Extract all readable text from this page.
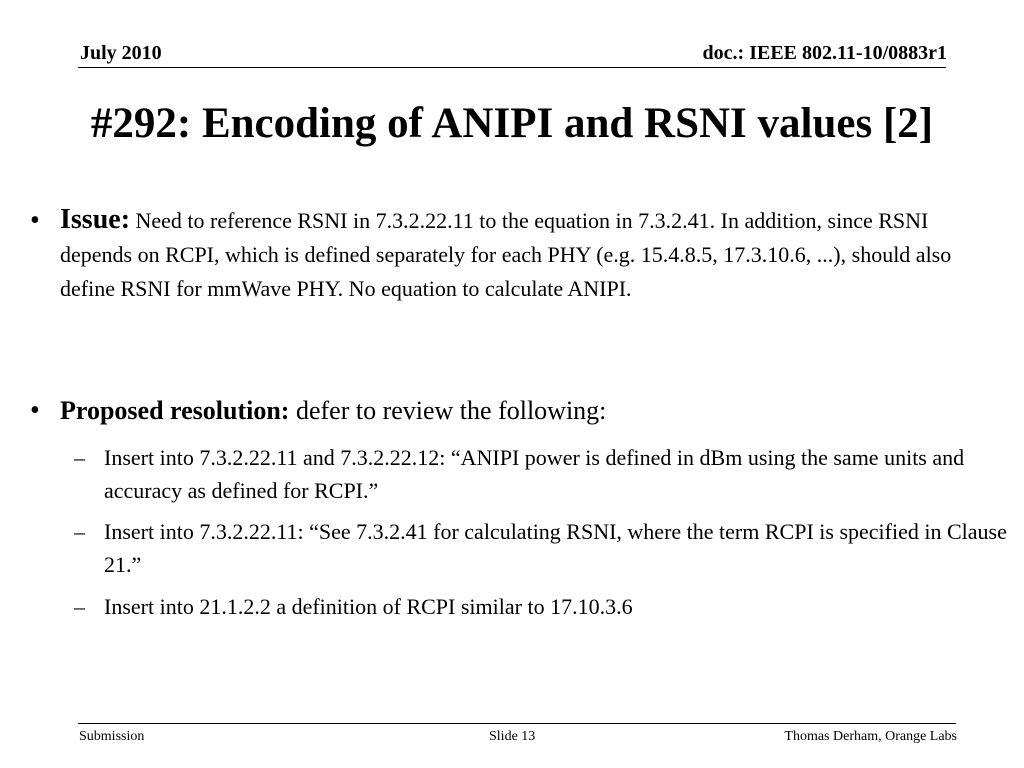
July 2010	doc.: IEEE 802.11-10/0883r1
#292: Encoding of ANIPI and RSNI values [2]
• Issue: Need to reference RSNI in 7.3.2.22.11 to the equation in 7.3.2.41. In addition, since RSNI depends on RCPI, which is defined separately for each PHY (e.g. 15.4.8.5, 17.3.10.6, ...), should also define RSNI for mmWave PHY. No equation to calculate ANIPI.
• Proposed resolution: defer to review the following:
– Insert into 7.3.2.22.11 and 7.3.2.22.12: “ANIPI power is defined in dBm using the same units and accuracy as defined for RCPI.”
– Insert into 7.3.2.22.11: “See 7.3.2.41 for calculating RSNI, where the term RCPI is specified in Clause 21.”
– Insert into 21.1.2.2 a definition of RCPI similar to 17.10.3.6
Submission	Slide 13	Thomas Derham, Orange Labs
